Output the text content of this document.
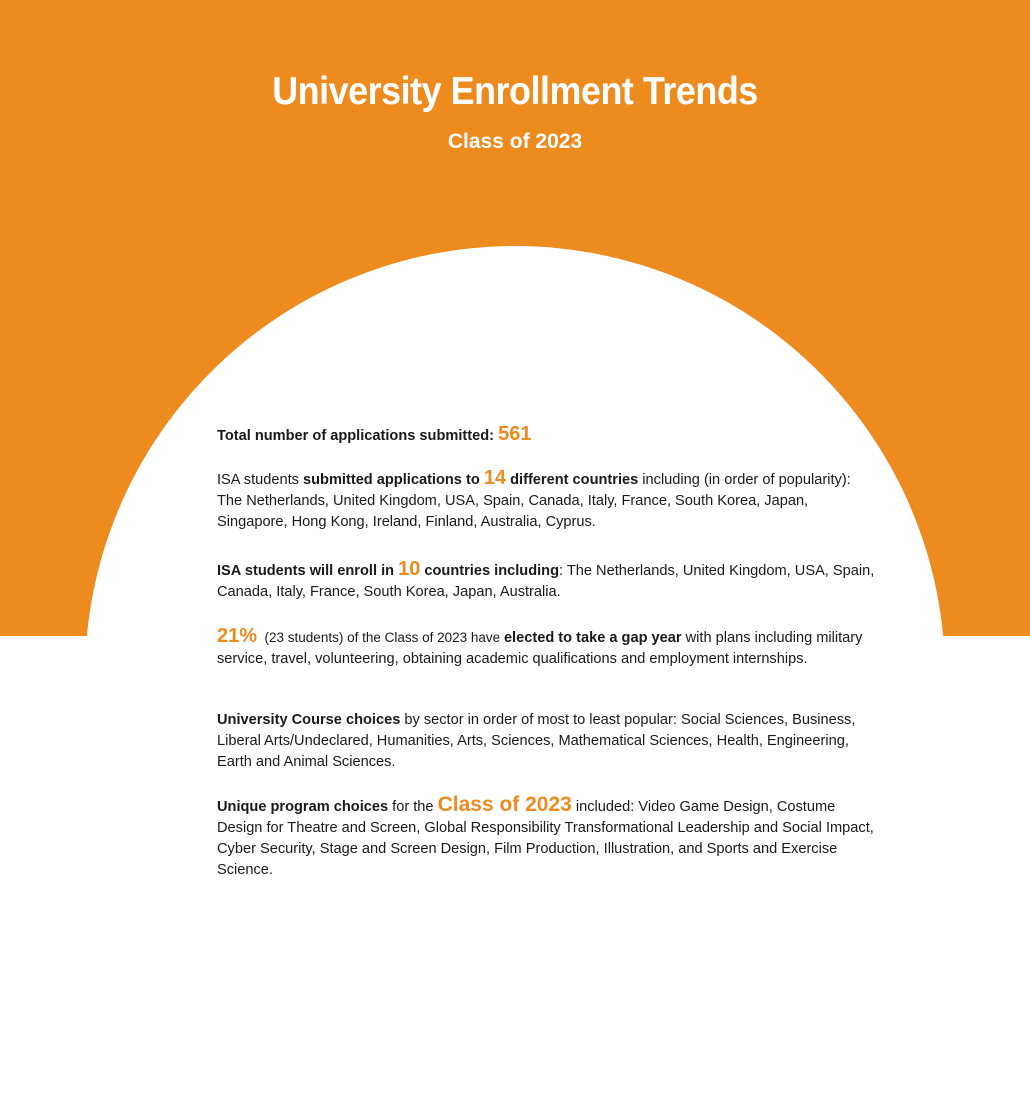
University Enrollment Trends
Class of 2023

Total number of applications submitted: 561

ISA students submitted applications to 14 different countries including (in order of popularity): The Netherlands, United Kingdom, USA, Spain, Canada, Italy, France, South Korea, Japan, Singapore, Hong Kong, Ireland, Finland, Australia, Cyprus.

ISA students will enroll in 10 countries including: The Netherlands, United Kingdom, USA, Spain, Canada, Italy, France, South Korea, Japan, Australia.

21%  (23 students) of the Class of 2023 have elected to take a gap year with plans including military service, travel, volunteering, obtaining academic qualifications and employment internships.

University Course choices by sector in order of most to least popular: Social Sciences, Business, Liberal Arts/Undeclared, Humanities, Arts, Sciences, Mathematical Sciences, Health, Engineering, Earth and Animal Sciences.

Unique program choices for the Class of 2023 included: Video Game Design, Costume Design for Theatre and Screen, Global Responsibility Transformational Leadership and Social Impact, Cyber Security, Stage and Screen Design, Film Production, Illustration, and Sports and Exercise Science.
